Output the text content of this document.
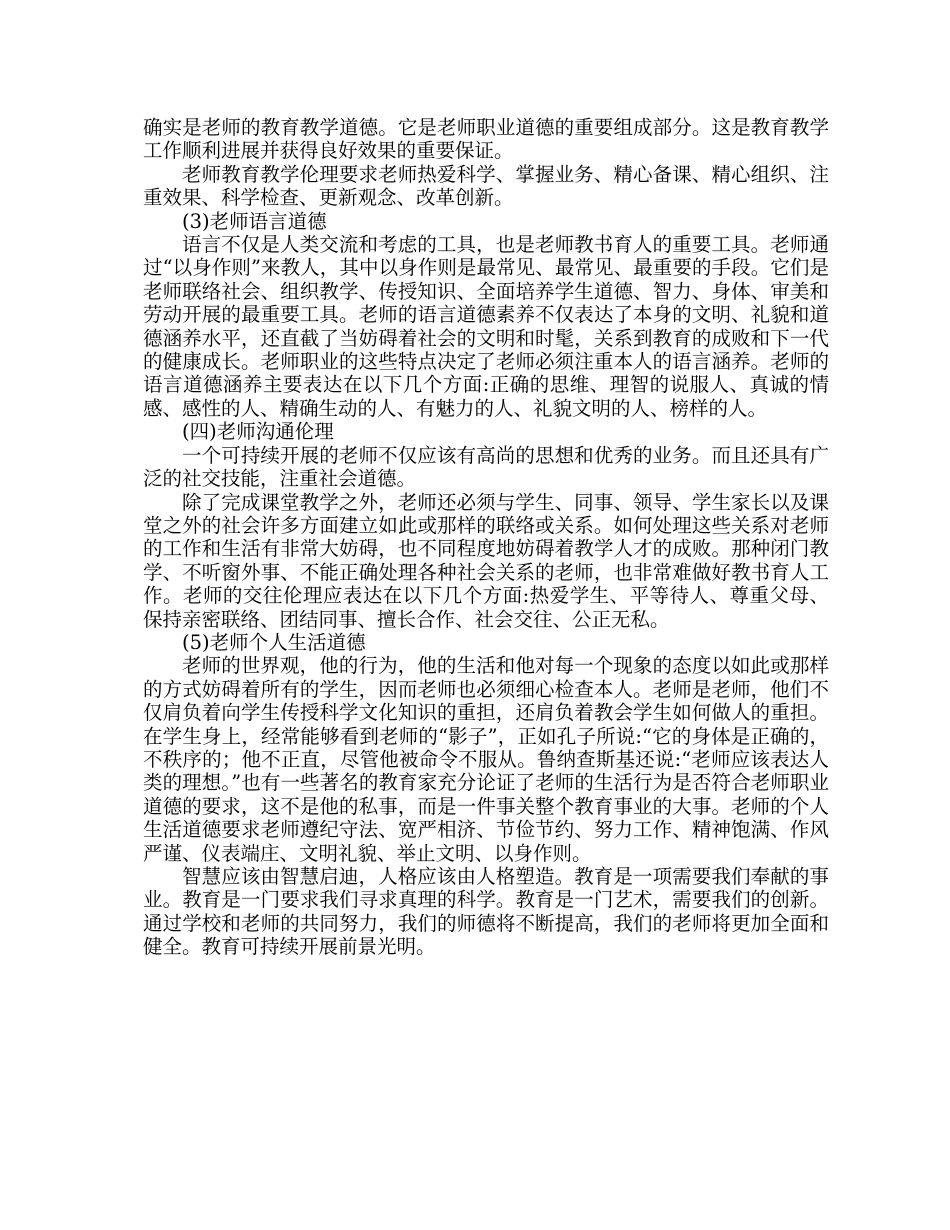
确实是老师的教育教学道德。它是老师职业道德的重要组成部分。这是教育教学工作顺利进展并获得良好效果的重要保证。

老师教育教学伦理要求老师热爱科学、掌握业务、精心备课、精心组织、注重效果、科学检查、更新观念、改革创新。

(3)老师语言道德

语言不仅是人类交流和考虑的工具，也是老师教书育人的重要工具。老师通过“以身作则”来教人，其中以身作则是最常见、最常见、最重要的手段。它们是老师联络社会、组织教学、传授知识、全面培养学生道德、智力、身体、审美和劳动开展的最重要工具。老师的语言道德素养不仅表达了本身的文明、礼貌和道德涵养水平，还直截了当妨碍着社会的文明和时髦，关系到教育的成败和下一代的健康成长。老师职业的这些特点决定了老师必须注重本人的语言涵养。老师的语言道德涵养主要表达在以下几个方面:正确的思维、理智的说服人、真诚的情感、感性的人、精确生动的人、有魅力的人、礼貌文明的人、榜样的人。

(四)老师沟通伦理

一个可持续开展的老师不仅应该有高尚的思想和优秀的业务。而且还具有广泛的社交技能，注重社会道德。

除了完成课堂教学之外，老师还必须与学生、同事、领导、学生家长以及课堂之外的社会许多方面建立如此或那样的联络或关系。如何处理这些关系对老师的工作和生活有非常大妨碍，也不同程度地妨碍着教学人才的成败。那种闭门教学、不听窗外事、不能正确处理各种社会关系的老师，也非常难做好教书育人工作。老师的交往伦理应表达在以下几个方面:热爱学生、平等待人、尊重父母、保持亲密联络、团结同事、擅长合作、社会交往、公正无私。

(5)老师个人生活道德

老师的世界观，他的行为，他的生活和他对每一个现象的态度以如此或那样的方式妨碍着所有的学生，因而老师也必须细心检查本人。老师是老师，他们不仅肩负着向学生传授科学文化知识的重担，还肩负着教会学生如何做人的重担。在学生身上，经常能够看到老师的“影子”，正如孔子所说:“它的身体是正确的，不秩序的；他不正直，尽管他被命令不服从。鲁纳查斯基还说:“老师应该表达人类的理想。”也有一些著名的教育家充分论证了老师的生活行为是否符合老师职业道德的要求，这不是他的私事，而是一件事关整个教育事业的大事。老师的个人生活道德要求老师遵纪守法、宽严相济、节俭节约、努力工作、精神饱满、作风严谨、仪表端庄、文明礼貌、举止文明、以身作则。

智慧应该由智慧启迪，人格应该由人格塑造。教育是一项需要我们奉献的事业。教育是一门要求我们寻求真理的科学。教育是一门艺术，需要我们的创新。通过学校和老师的共同努力，我们的师德将不断提高，我们的老师将更加全面和健全。教育可持续开展前景光明。
